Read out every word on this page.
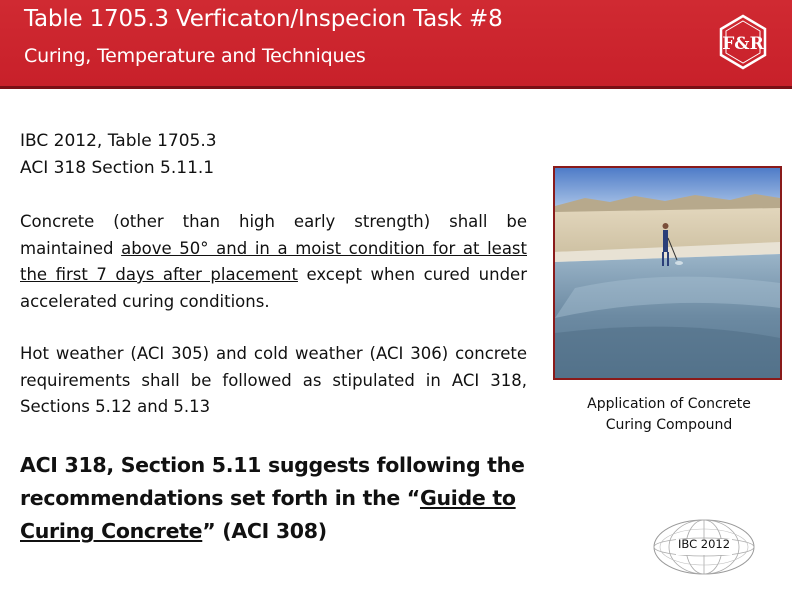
Table 1705.3 Verficaton/Inspecion Task #8
Curing, Temperature and Techniques
F&R
IBC 2012, Table 1705.3
ACI 318 Section 5.11.1
Concrete (other than high early strength) shall be maintained above 50° and in a moist condition for at least the first 7 days after placement except when cured under accelerated curing conditions.
Hot weather (ACI 305) and cold weather (ACI 306) concrete requirements shall be followed as stipulated in ACI 318, Sections 5.12 and 5.13
ACI 318, Section 5.11 suggests following the recommendations set forth in the “Guide to Curing Concrete” (ACI 308)
Application of Concrete Curing Compound
IBC 2012
